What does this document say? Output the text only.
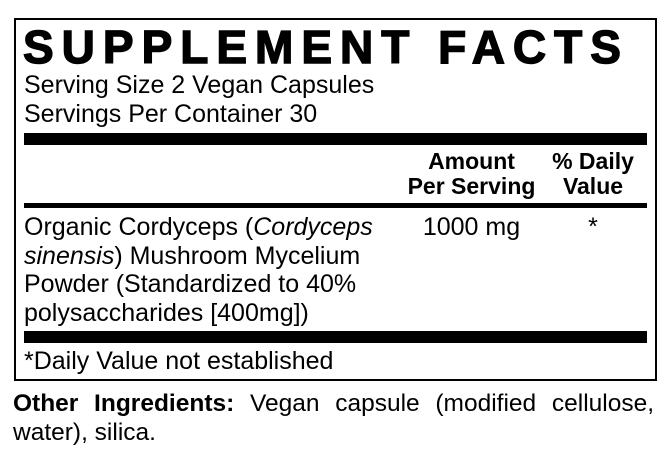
SUPPLEMENT FACTS
Serving Size 2 Vegan Capsules
Servings Per Container 30
Amount
Per Serving
% Daily
Value
Organic Cordyceps (Cordyceps sinensis) Mushroom Mycelium Powder (Standardized to 40% polysaccharides [400mg])
1000 mg	*
*Daily Value not established
Other Ingredients: Vegan capsule (modified cellulose,
water), silica.
